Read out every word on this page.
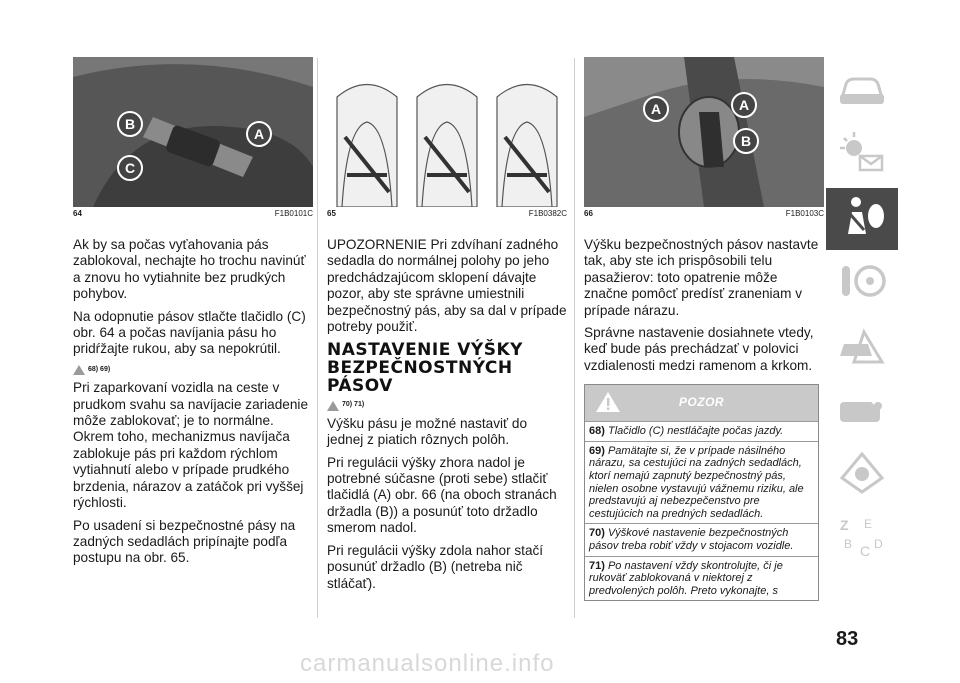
B
A
C
64	F1B0101C

Ak by sa počas vyťahovania pás zablokoval, nechajte ho trochu navinúť a znovu ho vytiahnite bez prudkých pohybov.

Na odopnutie pásov stlačte tlačidlo (C) obr. 64 a počas navíjania pásu ho pridŕžajte rukou, aby sa nepokrútil.

68) 69)

Pri zaparkovaní vozidla na ceste v prudkom svahu sa navíjacie zariadenie môže zablokovať; je to normálne. Okrem toho, mechanizmus navíjača zablokuje pás pri každom rýchlom vytiahnutí alebo v prípade prudkého brzdenia, nárazov a zatáčok pri vyššej rýchlosti.

Po usadení si bezpečnostné pásy na zadných sedadlách pripínajte podľa postupu na obr. 65.

65	F1B0382C

UPOZORNENIE Pri zdvíhaní zadného sedadla do normálnej polohy po jeho predchádzajúcom sklopení dávajte pozor, aby ste správne umiestnili bezpečnostný pás, aby sa dal v prípade potreby použiť.

NASTAVENIE VÝŠKY BEZPEČNOSTNÝCH PÁSOV
70) 71)

Výšku pásu je možné nastaviť do jednej z piatich rôznych polôh.

Pri regulácii výšky zhora nadol je potrebné súčasne (proti sebe) stlačiť tlačidlá (A) obr. 66 (na oboch stranách držadla (B)) a posunúť toto držadlo smerom nadol.

Pri regulácii výšky zdola nahor stačí posunúť držadlo (B) (netreba nič stláčať).

A	A
B
66	F1B0103C

Výšku bezpečnostných pásov nastavte tak, aby ste ich prispôsobili telu pasažierov: toto opatrenie môže značne pomôcť predísť zraneniam v prípade nárazu.

Správne nastavenie dosiahnete vtedy, keď bude pás prechádzať v polovici vzdialenosti medzi ramenom a krkom.

POZOR
68) Tlačidlo (C) nestláčajte počas jazdy.
69) Pamätajte si, že v prípade násilného nárazu, sa cestujúci na zadných sedadlách, ktorí nemajú zapnutý bezpečnostný pás, nielen osobne vystavujú vážnemu riziku, ale predstavujú aj nebezpečenstvo pre cestujúcich na predných sedadlách.
70) Výškové nastavenie bezpečnostných pásov treba robiť vždy v stojacom vozidle.
71) Po nastavení vždy skontrolujte, či je rukoväť zablokovaná v niektorej z predvolených polôh. Preto vykonajte, s
Z E
B C D
83
carmanualsonline.info
